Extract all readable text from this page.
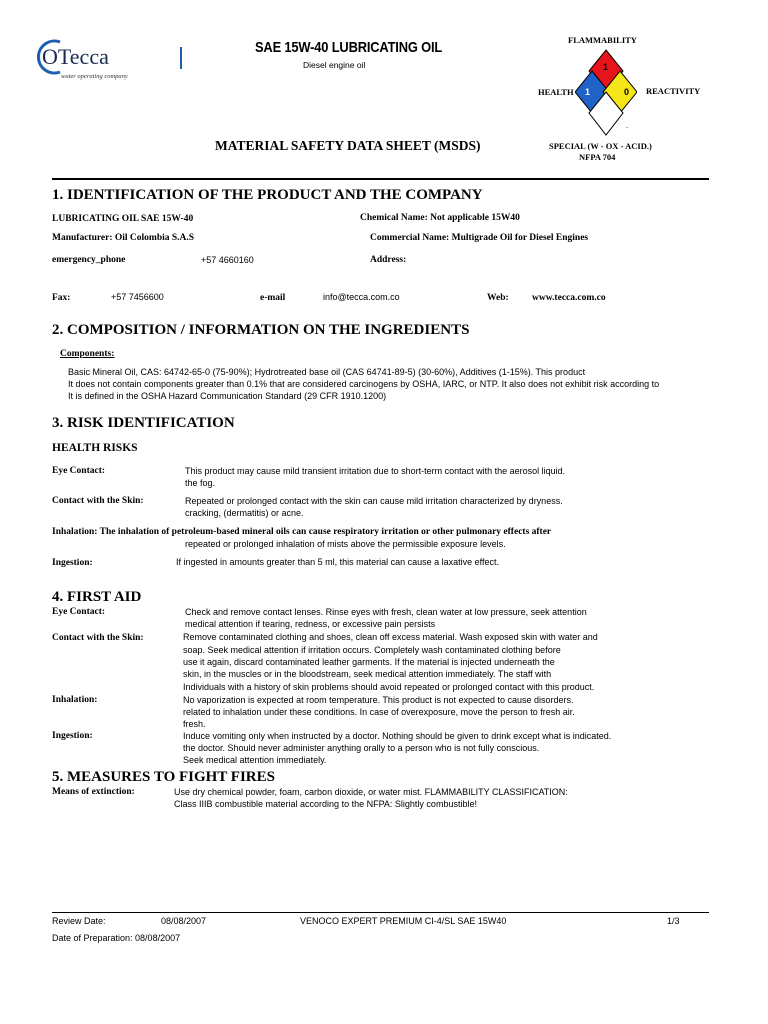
OTecca
water operating company
SAE 15W-40 LUBRICATING OIL
Diesel engine oil
MATERIAL SAFETY DATA SHEET (MSDS)
FLAMMABILITY
1
1	0
.
HEALTH	REACTIVITY
SPECIAL (W - OX - ACID.)
NFPA 704
1. IDENTIFICATION OF THE PRODUCT AND THE COMPANY
LUBRICATING OIL SAE 15W-40	Chemical Name: Not applicable 15W40
Manufacturer: Oil Colombia S.A.S	Commercial Name: Multigrade Oil for Diesel Engines
emergency_phone	+57 4660160	Address:
Fax:	+57 7456600	e-mail	info@tecca.com.co	Web: www.tecca.com.co
2. COMPOSITION / INFORMATION ON THE INGREDIENTS
Components:
Basic Mineral Oil, CAS: 64742-65-0 (75-90%); Hydrotreated base oil (CAS 64741-89-5) (30-60%), Additives (1-15%). This product
It does not contain components greater than 0.1% that are considered carcinogens by OSHA, IARC, or NTP. It also does not exhibit risk according to
It is defined in the OSHA Hazard Communication Standard (29 CFR 1910.1200)
3. RISK IDENTIFICATION
HEALTH RISKS
Eye Contact:	This product may cause mild transient irritation due to short-term contact with the aerosol liquid.
the fog.
Contact with the Skin:	Repeated or prolonged contact with the skin can cause mild irritation characterized by dryness.
cracking, (dermatitis) or acne.
Inhalation: The inhalation of petroleum-based mineral oils can cause respiratory irritation or other pulmonary effects after
repeated or prolonged inhalation of mists above the permissible exposure levels.
Ingestion:	If ingested in amounts greater than 5 ml, this material can cause a laxative effect.
4. FIRST AID
Eye Contact:	Check and remove contact lenses. Rinse eyes with fresh, clean water at low pressure, seek attention
medical attention if tearing, redness, or excessive pain persists
Contact with the Skin:	Remove contaminated clothing and shoes, clean off excess material. Wash exposed skin with water and
soap. Seek medical attention if irritation occurs. Completely wash contaminated clothing before
use it again, discard contaminated leather garments. If the material is injected underneath the
skin, in the muscles or in the bloodstream, seek medical attention immediately. The staff with
Individuals with a history of skin problems should avoid repeated or prolonged contact with this product.
Inhalation:	No vaporization is expected at room temperature. This product is not expected to cause disorders.
related to inhalation under these conditions. In case of overexposure, move the person to fresh air.
fresh.
Ingestion:	Induce vomiting only when instructed by a doctor. Nothing should be given to drink except what is indicated.
the doctor. Should never administer anything orally to a person who is not fully conscious.
Seek medical attention immediately.
5. MEASURES TO FIGHT FIRES
Means of extinction:	Use dry chemical powder, foam, carbon dioxide, or water mist. FLAMMABILITY CLASSIFICATION:
Class IIIB combustible material according to the NFPA: Slightly combustible!
Review Date:	08/08/2007	VENOCO EXPERT PREMIUM CI-4/SL SAE 15W40	1/3
Date of Preparation: 08/08/2007
